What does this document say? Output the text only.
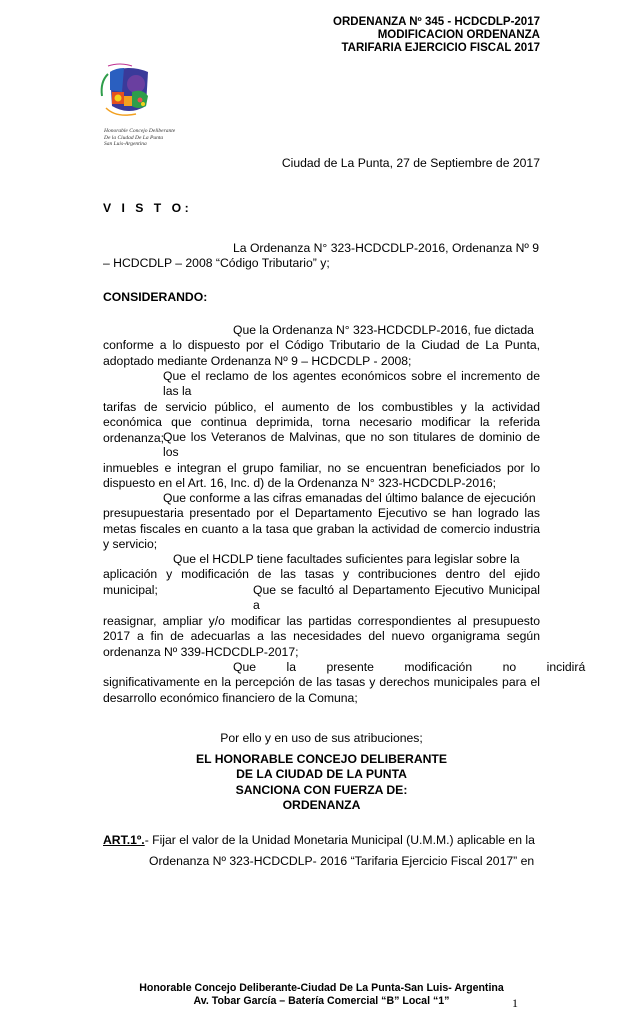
ORDENANZA Nº 345 - HCDCDLP-2017
MODIFICACION ORDENANZA
TARIFARIA EJERCICIO FISCAL 2017
Honorable Concejo Deliberante
De la Ciudad De La Punta
San Luis-Argentina
Ciudad de La Punta, 27 de Septiembre de 2017
V I S T O:
La Ordenanza N° 323-HCDCDLP-2016, Ordenanza Nº 9
– HCDCDLP – 2008 “Código Tributario” y;
CONSIDERANDO:
Que la Ordenanza N° 323-HCDCDLP-2016, fue dictada
conforme a lo dispuesto por el Código Tributario de la Ciudad de La Punta, adoptado mediante Ordenanza Nº 9 – HCDCDLP - 2008;
Que el reclamo de los agentes económicos sobre el incremento de las la
tarifas de servicio público, el aumento de los combustibles y la actividad económica que continua deprimida, torna necesario modificar la referida ordenanza; Que los Veteranos de Malvinas, que no son titulares de dominio de los
inmuebles e integran el grupo familiar, no se encuentran beneficiados por lo dispuesto en el Art. 16, Inc. d) de la Ordenanza N° 323-HCDCDLP-2016;
Que conforme a las cifras emanadas del último balance de ejecución
presupuestaria presentado por el Departamento Ejecutivo se han logrado las metas fiscales en cuanto a la tasa que graban la actividad de comercio industria y servicio;
Que el HCDLP tiene facultades suficientes para legislar sobre la
aplicación y modificación de las tasas y contribuciones dentro del ejido municipal;	Que se facultó al Departamento Ejecutivo Municipal a
reasignar, ampliar y/o modificar las partidas correspondientes al presupuesto 2017 a fin de adecuarlas a las necesidades del nuevo organigrama según ordenanza Nº 339-HCDCDLP-2017;
Que         la         presente         modificación         no         incidirá
significativamente en la percepción de las tasas y derechos municipales para el desarrollo económico financiero de la Comuna;
Por ello y en uso de sus atribuciones;
EL HONORABLE CONCEJO DELIBERANTE
DE LA CIUDAD DE LA PUNTA
SANCIONA CON FUERZA DE:
ORDENANZA
ART.1º.- Fijar el valor de la Unidad Monetaria Municipal (U.M.M.) aplicable en la
Ordenanza Nº 323-HCDCDLP- 2016 “Tarifaria Ejercicio Fiscal 2017” en
Honorable Concejo Deliberante-Ciudad De La Punta-San Luis- Argentina
Av. Tobar García – Batería Comercial “B” Local “1”	1
